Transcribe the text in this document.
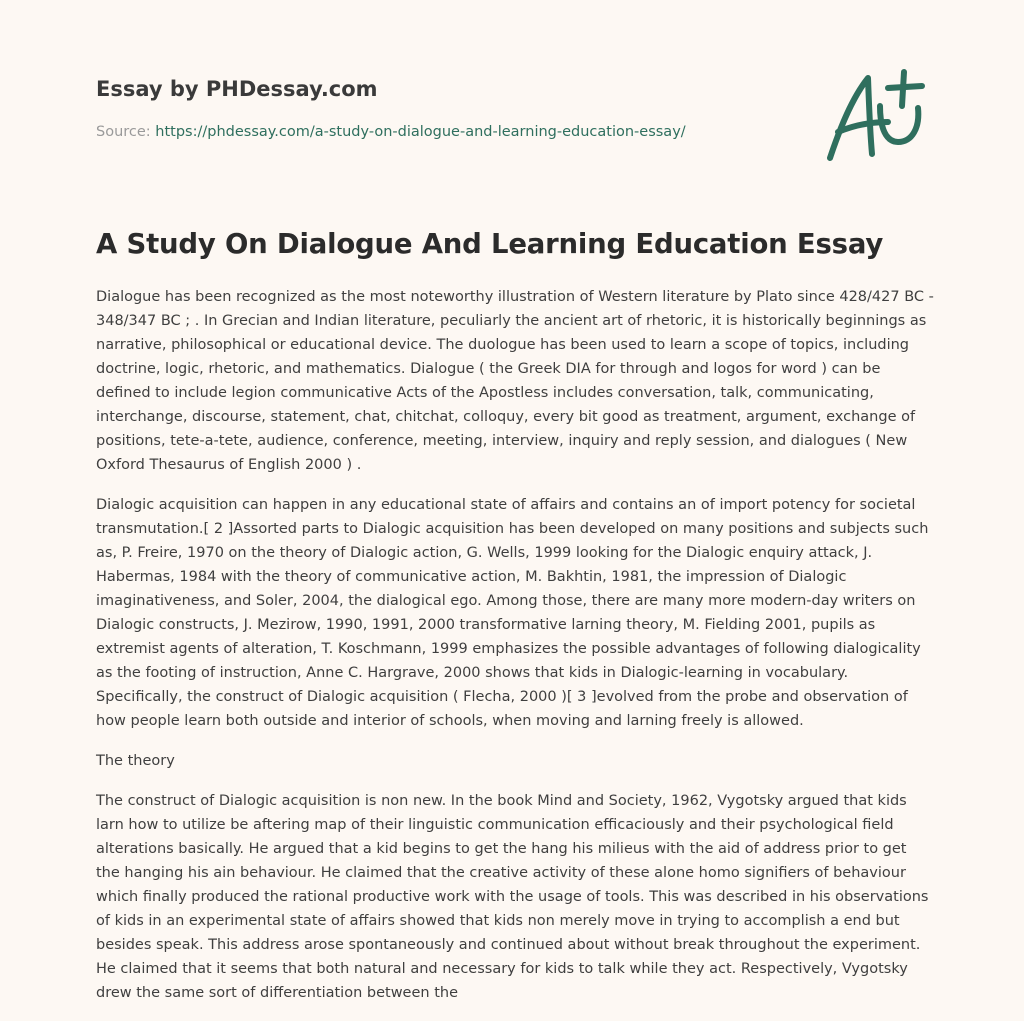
Essay by PHDessay.com

Source: https://phdessay.com/a-study-on-dialogue-and-learning-education-essay/

A Study On Dialogue And Learning Education Essay

Dialogue has been recognized as the most noteworthy illustration of Western literature by Plato since 428/427 BC - 348/347 BC ; . In Grecian and Indian literature, peculiarly the ancient art of rhetoric, it is historically beginnings as narrative, philosophical or educational device. The duologue has been used to learn a scope of topics, including doctrine, logic, rhetoric, and mathematics. Dialogue ( the Greek DIA for through and logos for word ) can be defined to include legion communicative Acts of the Apostless includes conversation, talk, communicating, interchange, discourse, statement, chat, chitchat, colloquy, every bit good as treatment, argument, exchange of positions, tete-a-tete, audience, conference, meeting, interview, inquiry and reply session, and dialogues ( New Oxford Thesaurus of English 2000 ) .

Dialogic acquisition can happen in any educational state of affairs and contains an of import potency for societal transmutation.[ 2 ]Assorted parts to Dialogic acquisition has been developed on many positions and subjects such as, P. Freire, 1970 on the theory of Dialogic action, G. Wells, 1999 looking for the Dialogic enquiry attack, J. Habermas, 1984 with the theory of communicative action, M. Bakhtin, 1981, the impression of Dialogic imaginativeness, and Soler, 2004, the dialogical ego. Among those, there are many more modern-day writers on Dialogic constructs, J. Mezirow, 1990, 1991, 2000 transformative larning theory, M. Fielding 2001, pupils as extremist agents of alteration, T. Koschmann, 1999 emphasizes the possible advantages of following dialogicality as the footing of instruction, Anne C. Hargrave, 2000 shows that kids in Dialogic-learning in vocabulary. Specifically, the construct of Dialogic acquisition ( Flecha, 2000 )[ 3 ]evolved from the probe and observation of how people learn both outside and interior of schools, when moving and larning freely is allowed.

The theory

The construct of Dialogic acquisition is non new. In the book Mind and Society, 1962, Vygotsky argued that kids larn how to utilize be aftering map of their linguistic communication efficaciously and their psychological field alterations basically. He argued that a kid begins to get the hang his milieus with the aid of address prior to get the hanging his ain behaviour. He claimed that the creative activity of these alone homo signifiers of behaviour which finally produced the rational productive work with the usage of tools. This was described in his observations of kids in an experimental state of affairs showed that kids non merely move in trying to accomplish a end but besides speak. This address arose spontaneously and continued about without break throughout the experiment. He claimed that it seems that both natural and necessary for kids to talk while they act. Respectively, Vygotsky drew the same sort of differentiation between the
